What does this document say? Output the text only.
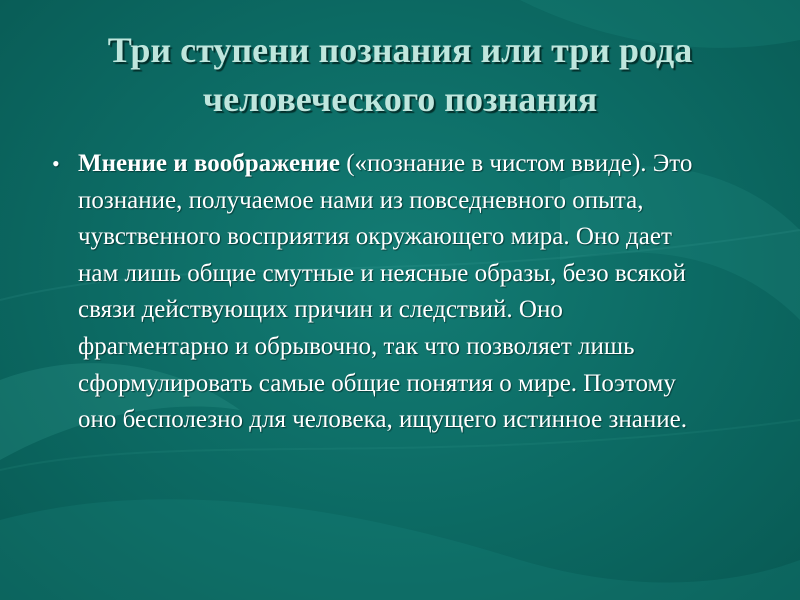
Три ступени познания или три рода человеческого познания
• Мнение и воображение («познание в чистом ввиде). Это познание, получаемое нами из повседневного опыта, чувственного восприятия окружающего мира. Оно дает нам лишь общие смутные и неясные образы, безо всякой связи действующих причин и следствий. Оно фрагментарно и обрывочно, так что позволяет лишь сформулировать самые общие понятия о мире. Поэтому оно бесполезно для человека, ищущего истинное знание.
